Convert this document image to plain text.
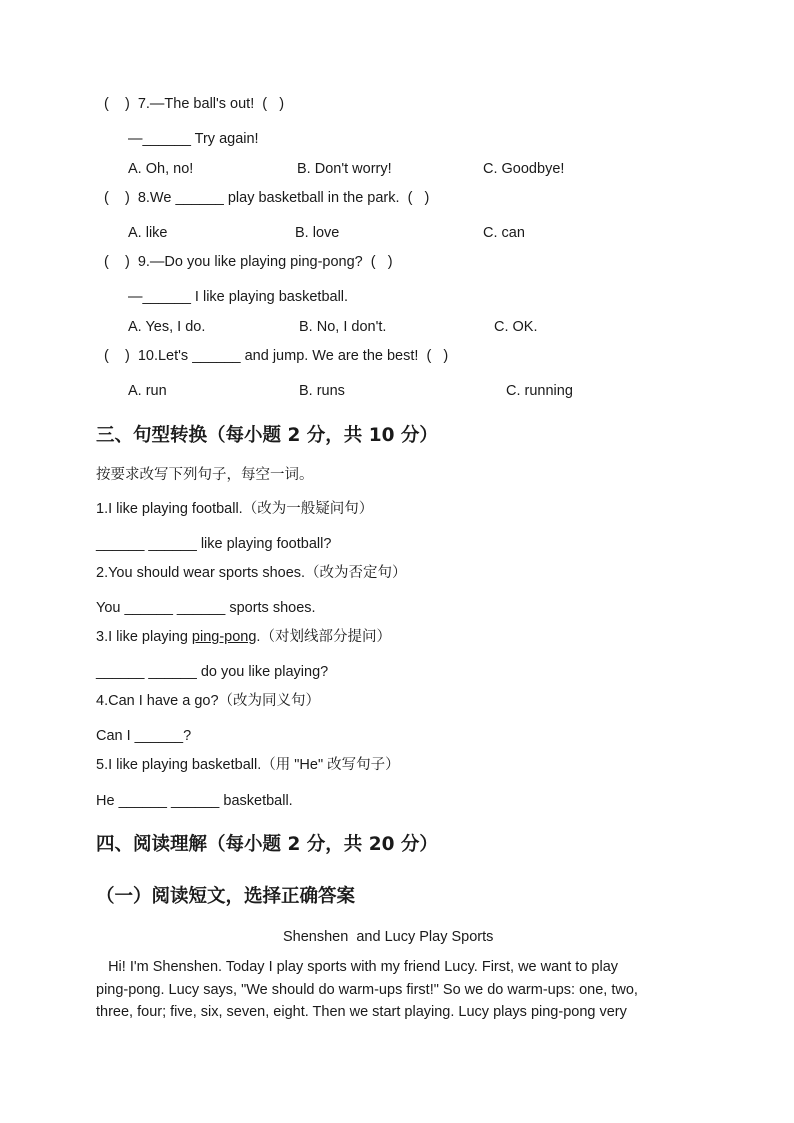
(    )  7.—The ball's out!  (   )
—______ Try again!
A. Oh, no!	B. Don't worry!	C. Goodbye!
(    )  8.We ______ play basketball in the park.  (   )
A. like	B. love	C. can
(    )  9.—Do you like playing ping-pong?  (   )
—______ I like playing basketball.
A. Yes, I do.	B. No, I don't.	C. OK.
(    )  10.Let's ______ and jump. We are the best!  (   )
A. run	B. runs	C. running
三、句型转换（每小题 2 分，共 10 分）
按要求改写下列句子，每空一词。
1.I like playing football.（改为一般疑问句）
______ ______ like playing football?
2.You should wear sports shoes.（改为否定句）
You ______ ______ sports shoes.
3.I like playing ping-pong.（对划线部分提问）
______ ______ do you like playing?
4.Can I have a go?（改为同义句）
Can I ______?
5.I like playing basketball.（用 "He" 改写句子）
He ______ ______ basketball.
四、阅读理解（每小题 2 分，共 20 分）
（一）阅读短文，选择正确答案
Shenshen  and Lucy Play Sports
Hi! I'm Shenshen. Today I play sports with my friend Lucy. First, we want to play
ping-pong. Lucy says, "We should do warm-ups first!" So we do warm-ups: one, two,
three, four; five, six, seven, eight. Then we start playing. Lucy plays ping-pong very
